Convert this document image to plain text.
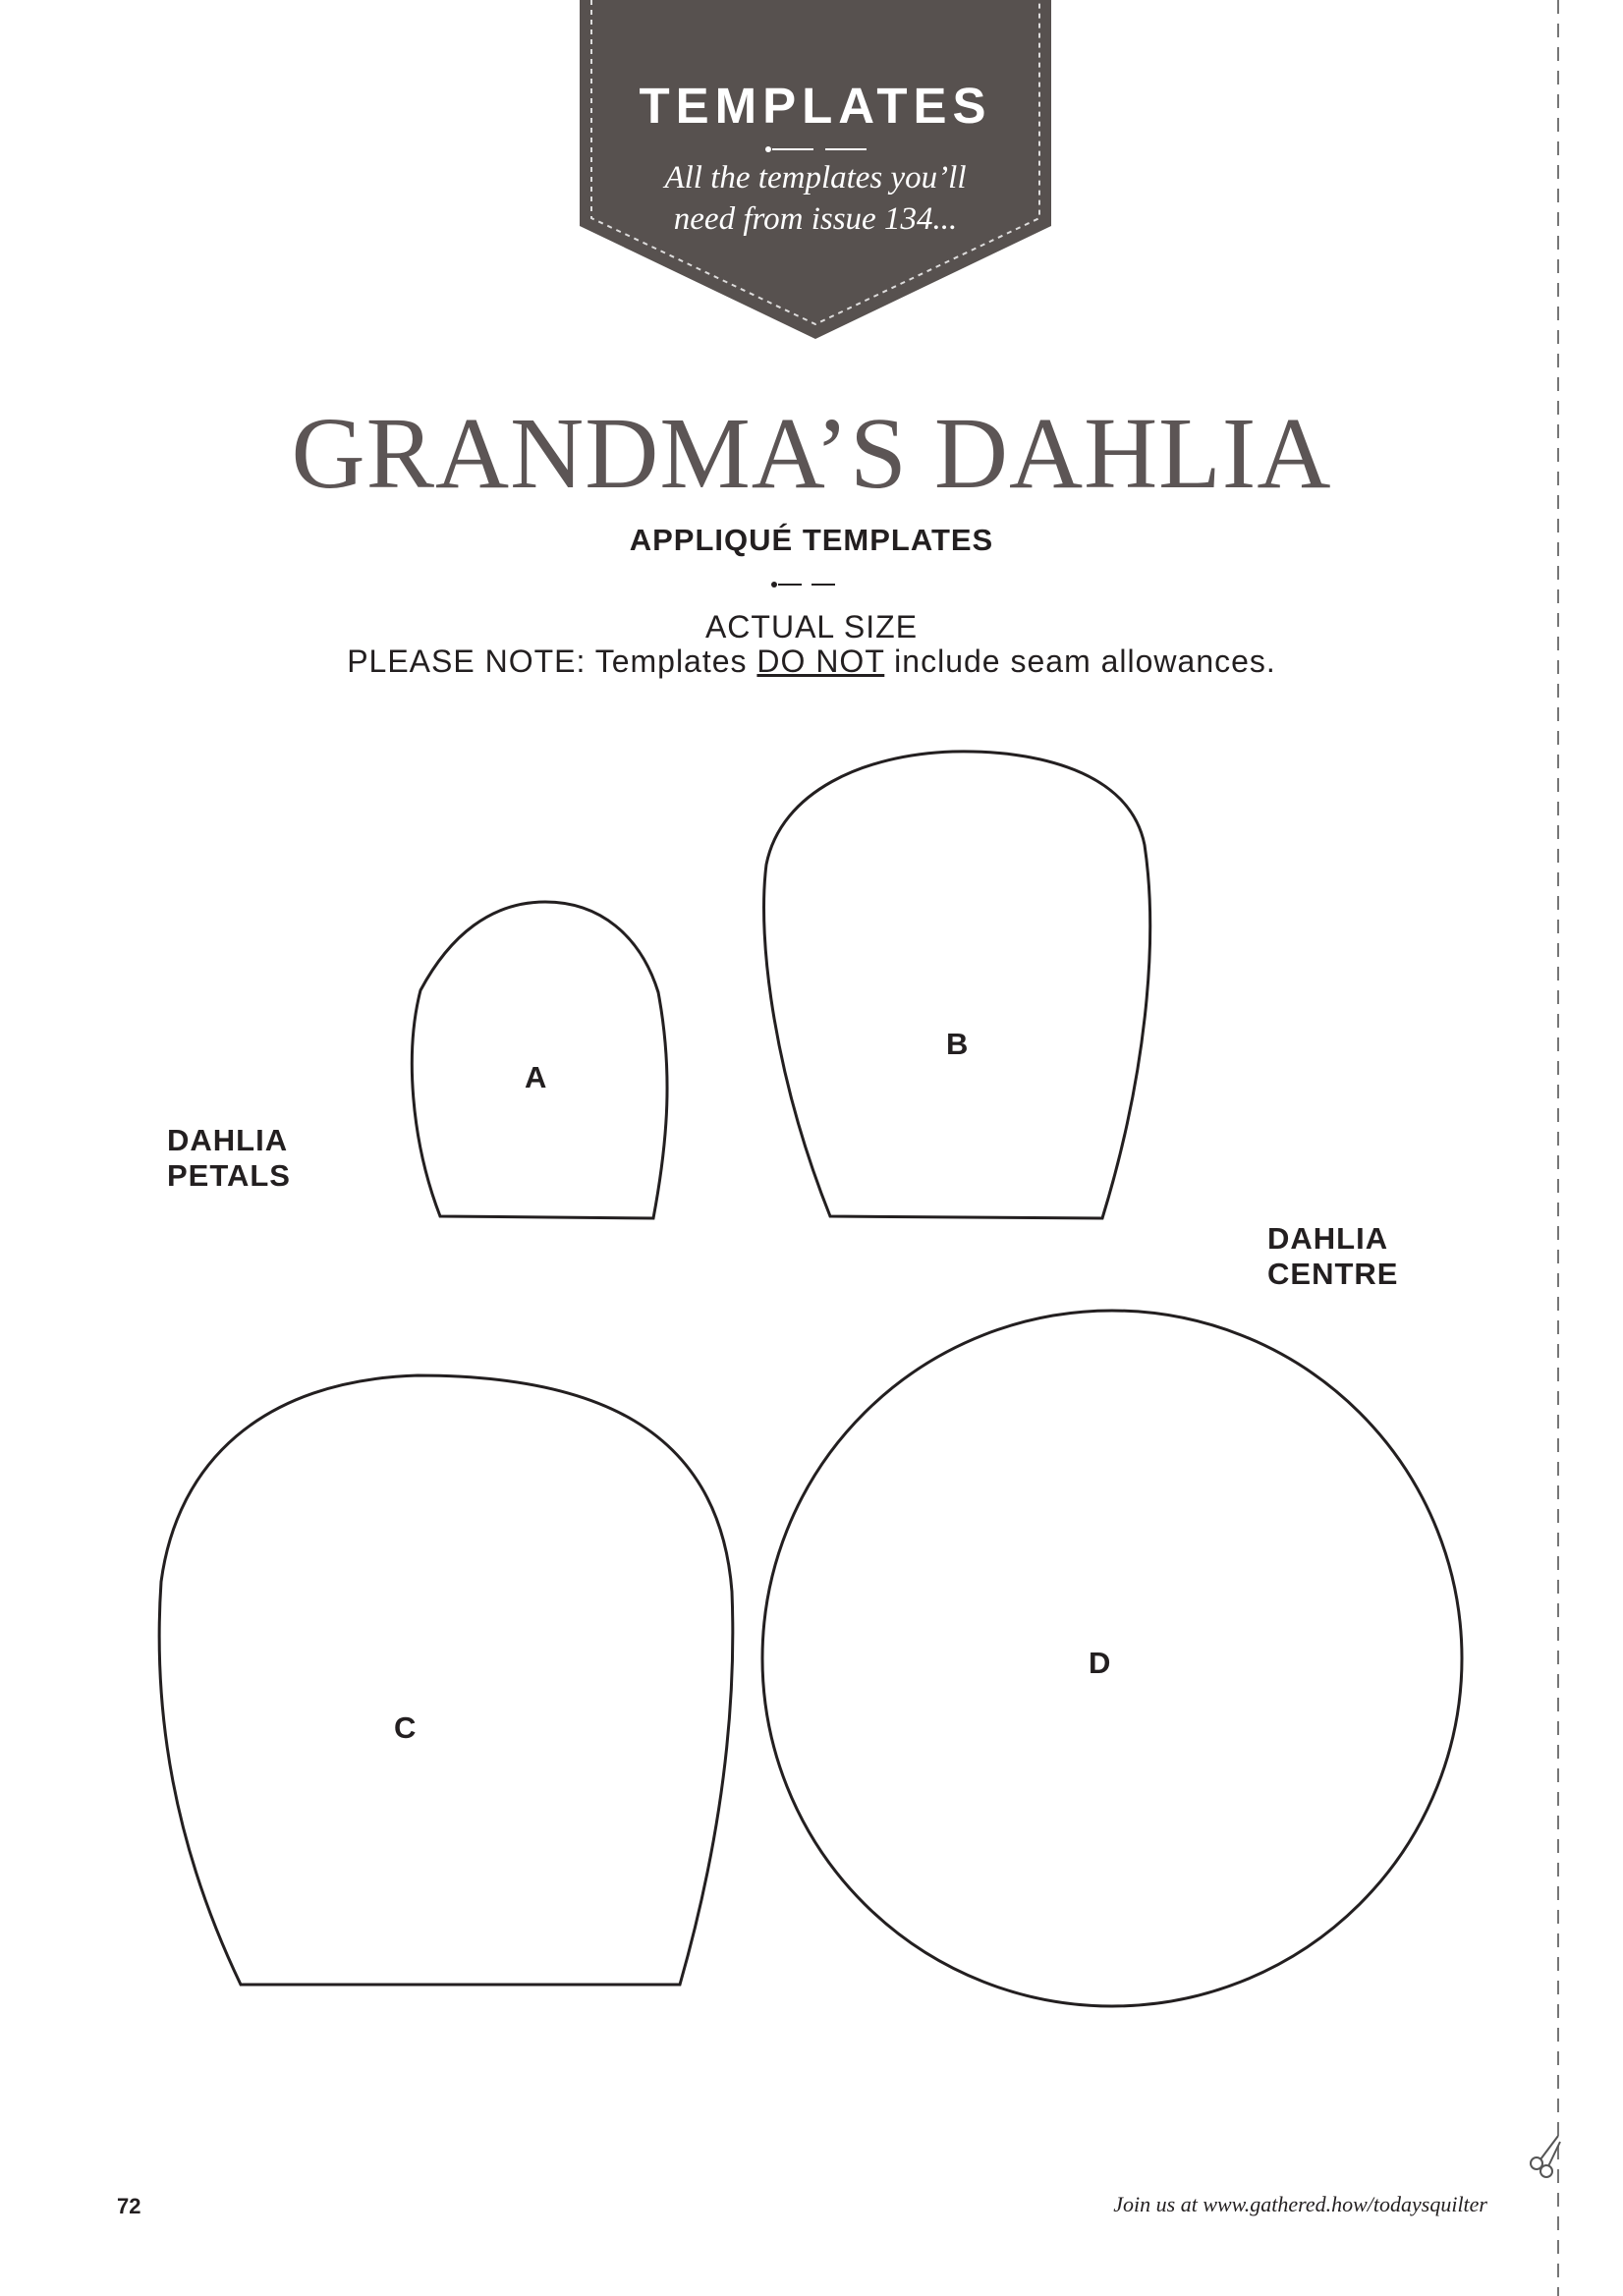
TEMPLATES
All the templates you’ll
need from issue 134...
GRANDMA’S DAHLIA
APPLIQUÉ TEMPLATES
ACTUAL SIZE
PLEASE NOTE: Templates DO NOT include seam allowances.
A
B
C
D
DAHLIA
PETALS
DAHLIA
CENTRE
72	Join us at www.gathered.how/todaysquilter
